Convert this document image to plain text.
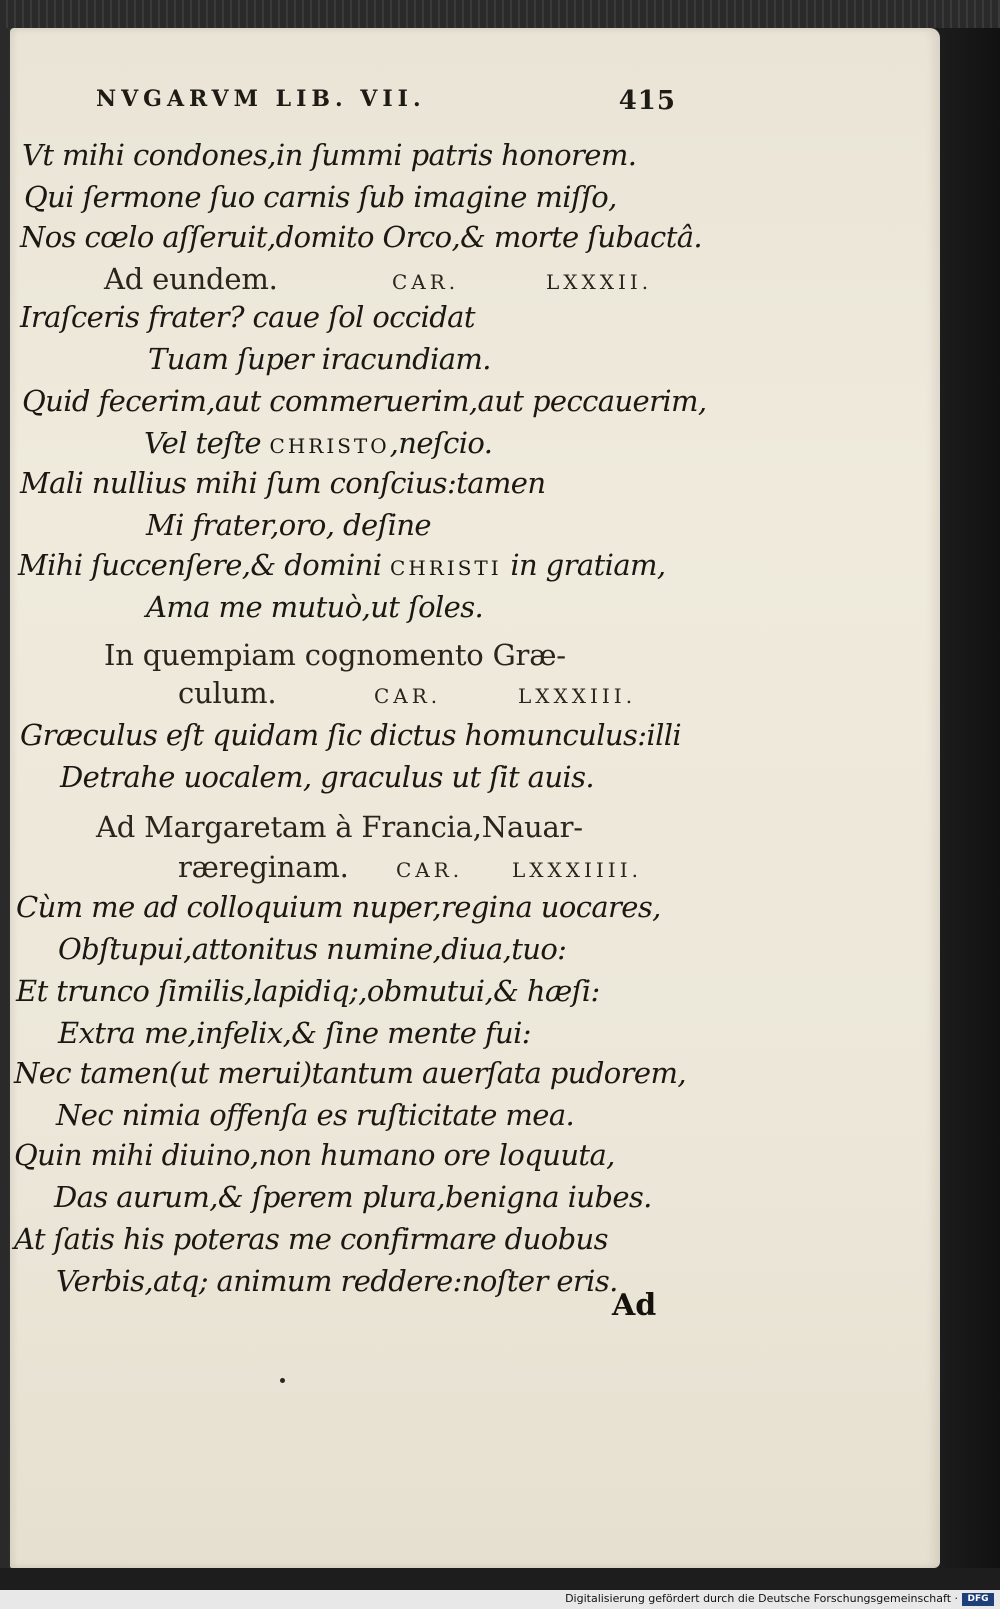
NVGARVM LIB. VII.	415
Vt mihi condones,in ſummi patris honorem.
Qui ſermone ſuo carnis ſub imagine miſſo,
Nos cœlo aſſeruit,domito Orco,& morte ſubactâ.
Ad eundem.	CAR.	LXXXII.
Iraſceris frater? caue ſol occidat
Tuam ſuper iracundiam.
Quid fecerim,aut commeruerim,aut peccauerim,
Vel teſte CHRISTO,neſcio.
Mali nullius mihi ſum conſcius:tamen
Mi frater,oro, deſine
Mihi ſuccenſere,& domini CHRISTI in gratiam,
Ama me mutuò,ut ſoles.
In quempiam cognomento Græ-
culum.	CAR.	LXXXIII.
Græculus eſt quidam ſic dictus homunculus:illi
Detrahe uocalem, graculus ut ſit auis.
Ad Margaretam à Francia,Nauar-
ræreginam. CAR. LXXXIIII.
Cùm me ad colloquium nuper,regina uocares,
Obſtupui,attonitus numine,diua,tuo:
Et trunco ſimilis,lapidiq;,obmutui,& hæſi:
Extra me,infelix,& ſine mente fui:
Nec tamen(ut merui)tantum auerſata pudorem,
Nec nimia offenſa es ruſticitate mea.
Quin mihi diuino,non humano ore loquuta,
Das aurum,& ſperem plura,benigna iubes.
At ſatis his poteras me confirmare duobus
Verbis,atq; animum reddere:noſter eris.
Ad
Digitalisierung gefördert durch die Deutsche Forschungsgemeinschaft ·	DFG
